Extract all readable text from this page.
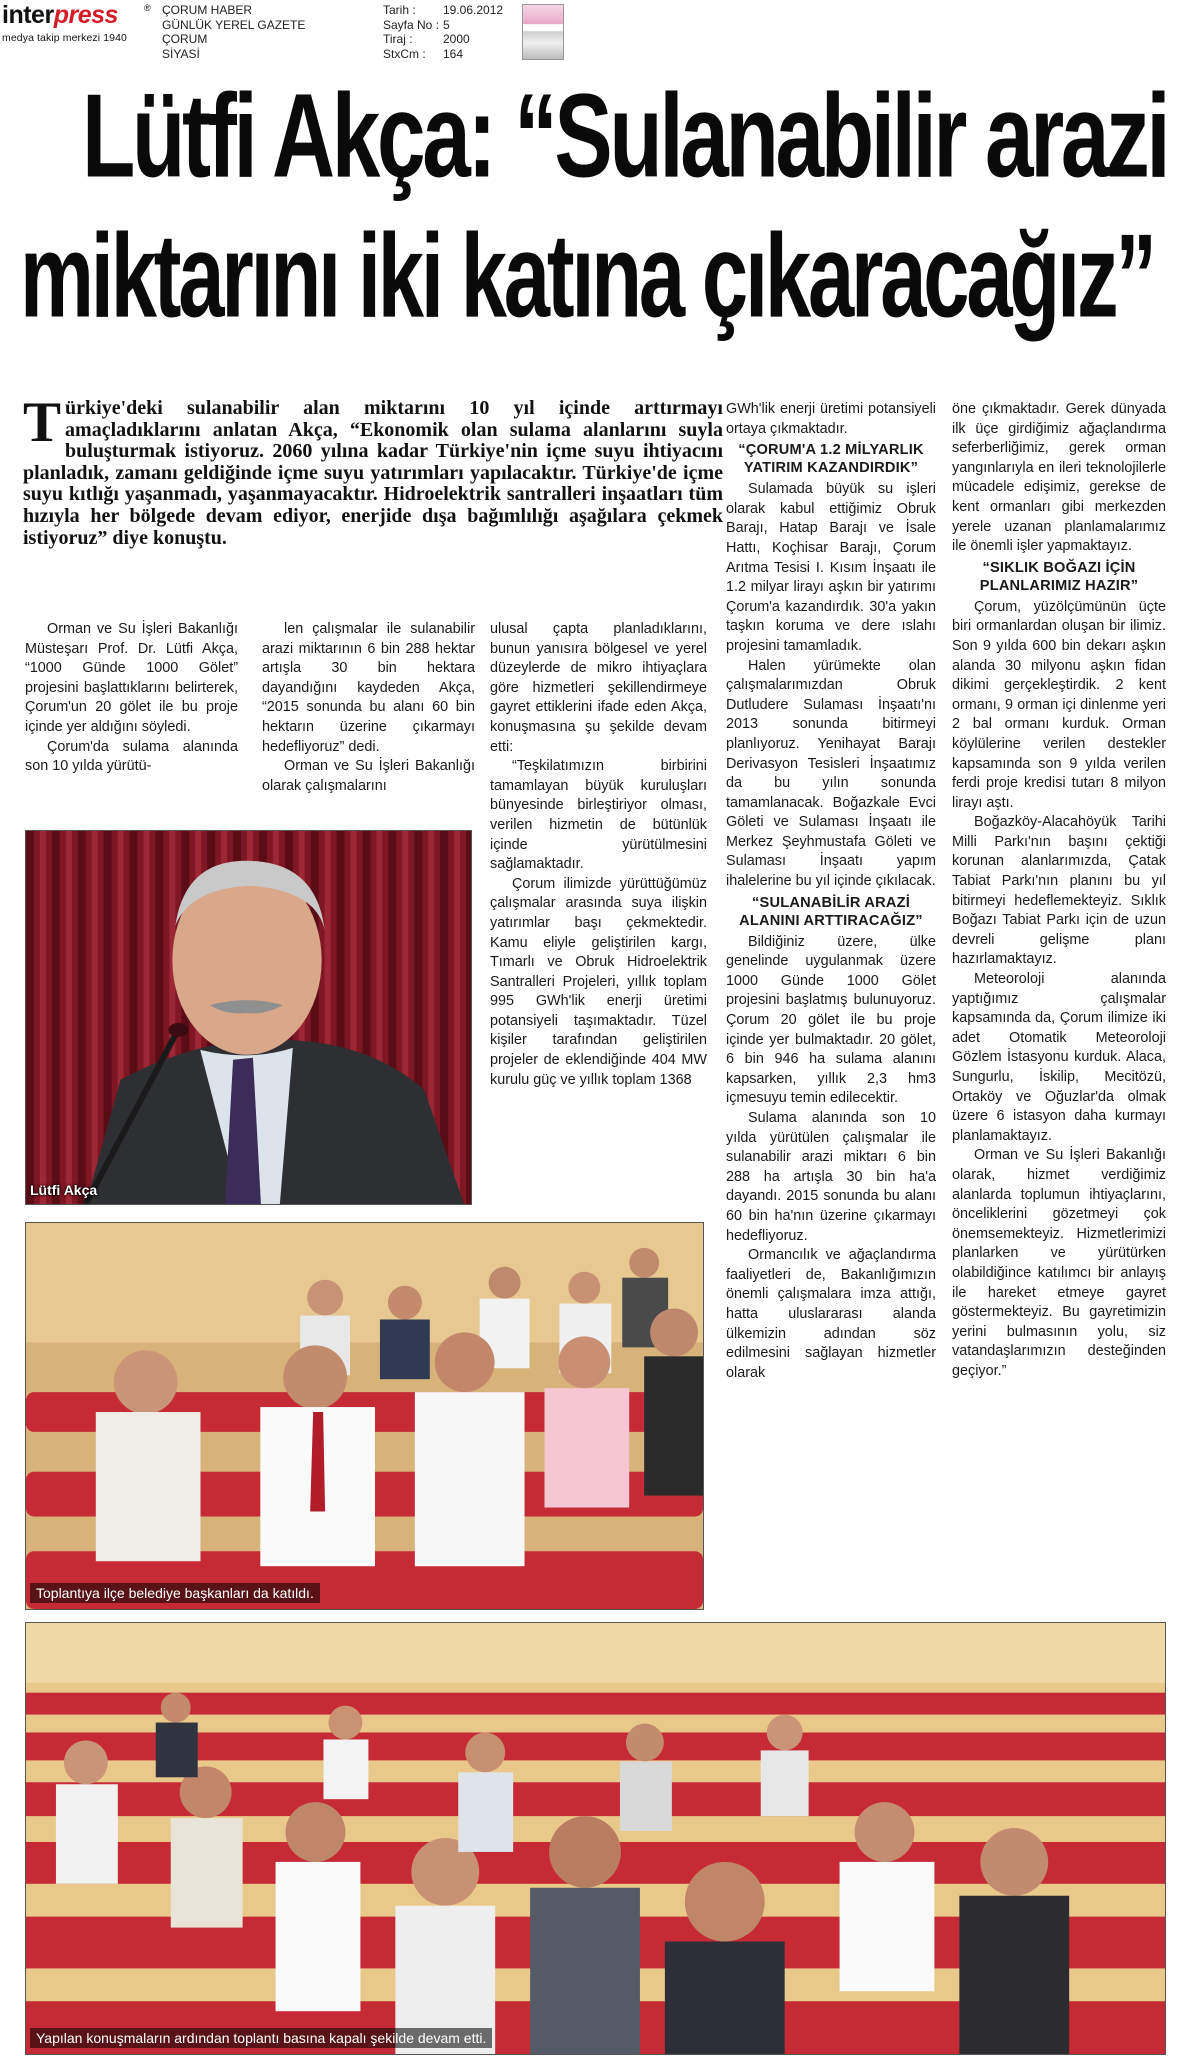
interpress	®
medya takip merkezi 1940
ÇORUM HABER
GÜNLÜK YEREL GAZETE
ÇORUM
SİYASİ
Tarih :	19.06.2012
Sayfa No : 5
Tiraj :	2000
StxCm :	164
Lütfi Akça: “Sulanabilir arazi
miktarını iki katına çıkaracağız”
Türkiye'deki sulanabilir alan miktarını 10 yıl içinde arttırmayı amaçladıklarını anlatan Akça, “Ekonomik olan sulama alanlarını suyla buluşturmak istiyoruz. 2060 yılına kadar Türkiye'nin içme suyu ihtiyacını planladık, zamanı geldiğinde içme suyu yatırımları yapılacaktır. Türkiye'de içme suyu kıtlığı yaşanmadı, yaşanmayacaktır. Hidroelektrik santralleri inşaatları tüm hızıyla her bölgede devam ediyor, enerjide dışa bağımlılığı aşağılara çekmek istiyoruz” diye konuştu.

Orman ve Su İşleri Bakanlığı Müsteşarı Prof. Dr. Lütfi Akça, “1000 Günde 1000 Gölet” projesini başlattıklarını belirterek, Çorum'un 20 gölet ile bu proje içinde yer aldığını söyledi.

Çorum'da sulama alanında son 10 yılda yürütü-

len çalışmalar ile sulanabilir arazi miktarının 6 bin 288 hektar artışla 30 bin hektara dayandığını kaydeden Akça, “2015 sonunda bu alanı 60 bin hektarın üzerine çıkarmayı hedefliyoruz” dedi.

Orman ve Su İşleri Bakanlığı olarak çalışmalarını

ulusal çapta planladıklarını, bunun yanısıra bölgesel ve yerel düzeylerde de mikro ihtiyaçlara göre hizmetleri şekillendirmeye gayret ettiklerini ifade eden Akça, konuşmasına şu şekilde devam etti:

“Teşkilatımızın birbirini tamamlayan büyük kuruluşları bünyesinde birleştiriyor olması, verilen hizmetin de bütünlük içinde yürütülmesini sağlamaktadır.

Çorum ilimizde yürüttüğümüz çalışmalar arasında suya ilişkin yatırımlar başı çekmektedir. Kamu eliyle geliştirilen kargı, Tımarlı ve Obruk Hidroelektrik Santralleri Projeleri, yıllık toplam 995 GWh'lik enerji üretimi potansiyeli taşımaktadır. Tüzel kişiler tarafından geliştirilen projeler de eklendiğinde 404 MW kurulu güç ve yıllık toplam 1368

GWh'lik enerji üretimi potansiyeli ortaya çıkmaktadır.

“ÇORUM'A 1.2 MİLYARLIK YATIRIM KAZANDIRDIK”

Sulamada büyük su işleri olarak kabul ettiğimiz Obruk Barajı, Hatap Barajı ve İsale Hattı, Koçhisar Barajı, Çorum Arıtma Tesisi I. Kısım İnşaatı ile 1.2 milyar lirayı aşkın bir yatırımı Çorum'a kazandırdık. 30'a yakın taşkın koruma ve dere ıslahı projesini tamamladık.

Halen yürümekte olan çalışmalarımızdan Obruk Dutludere Sulaması İnşaatı'nı 2013 sonunda bitirmeyi planlıyoruz. Yenihayat Barajı Derivasyon Tesisleri İnşaatımız da bu yılın sonunda tamamlanacak. Boğazkale Evci Göleti ve Sulaması İnşaatı ile Merkez Şeyhmustafa Göleti ve Sulaması İnşaatı yapım ihalelerine bu yıl içinde çıkılacak.

“SULANABİLİR ARAZİ ALANINI ARTTIRACAĞIZ”

Bildiğiniz üzere, ülke genelinde uygulanmak üzere 1000 Günde 1000 Gölet projesini başlatmış bulunuyoruz. Çorum 20 gölet ile bu proje içinde yer bulmaktadır. 20 gölet, 6 bin 946 ha sulama alanını kapsarken, yıllık 2,3 hm3 içmesuyu temin edilecektir.

Sulama alanında son 10 yılda yürütülen çalışmalar ile sulanabilir arazi miktarı 6 bin 288 ha artışla 30 bin ha'a dayandı. 2015 sonunda bu alanı 60 bin ha'nın üzerine çıkarmayı hedefliyoruz.

Ormancılık ve ağaçlandırma faaliyetleri de, Bakanlığımızın önemli çalışmalara imza attığı, hatta uluslararası alanda ülkemizin adından söz edilmesini sağlayan hizmetler olarak

öne çıkmaktadır. Gerek dünyada ilk üçe girdiğimiz ağaçlandırma seferberliğimiz, gerek orman yangınlarıyla en ileri teknolojilerle mücadele edişimiz, gerekse de kent ormanları gibi merkezden yerele uzanan planlamalarımız ile önemli işler yapmaktayız.

“SIKLIK BOĞAZI İÇİN PLANLARIMIZ HAZIR”

Çorum, yüzölçümünün üçte biri ormanlardan oluşan bir ilimiz. Son 9 yılda 600 bin dekarı aşkın alanda 30 milyonu aşkın fidan dikimi gerçekleştirdik. 2 kent ormanı, 9 orman içi dinlenme yeri 2 bal ormanı kurduk. Orman köylülerine verilen destekler kapsamında son 9 yılda verilen ferdi proje kredisi tutarı 8 milyon lirayı aştı.

Boğazköy-Alacahöyük Tarihi Milli Parkı'nın başını çektiği korunan alanlarımızda, Çatak Tabiat Parkı'nın planını bu yıl bitirmeyi hedeflemekteyiz. Sıklık Boğazı Tabiat Parkı için de uzun devreli gelişme planı hazırlamaktayız.

Meteoroloji alanında yaptığımız çalışmalar kapsamında da, Çorum ilimize iki adet Otomatik Meteoroloji Gözlem İstasyonu kurduk. Alaca, Sungurlu, İskilip, Mecitözü, Ortaköy ve Oğuzlar'da olmak üzere 6 istasyon daha kurmayı planlamaktayız.

Orman ve Su İşleri Bakanlığı olarak, hizmet verdiğimiz alanlarda toplumun ihtiyaçlarını, önceliklerini gözetmeyi çok önemsemekteyiz. Hizmetlerimizi planlarken ve yürütürken olabildiğince katılımcı bir anlayış ile hareket etmeye gayret göstermekteyiz. Bu gayretimizin yerini bulmasının yolu, siz vatandaşlarımızın desteğinden geçiyor.”

Lütfi Akça
Toplantıya ilçe belediye başkanları da katıldı.
Yapılan konuşmaların ardından toplantı basına kapalı şekilde devam etti.
